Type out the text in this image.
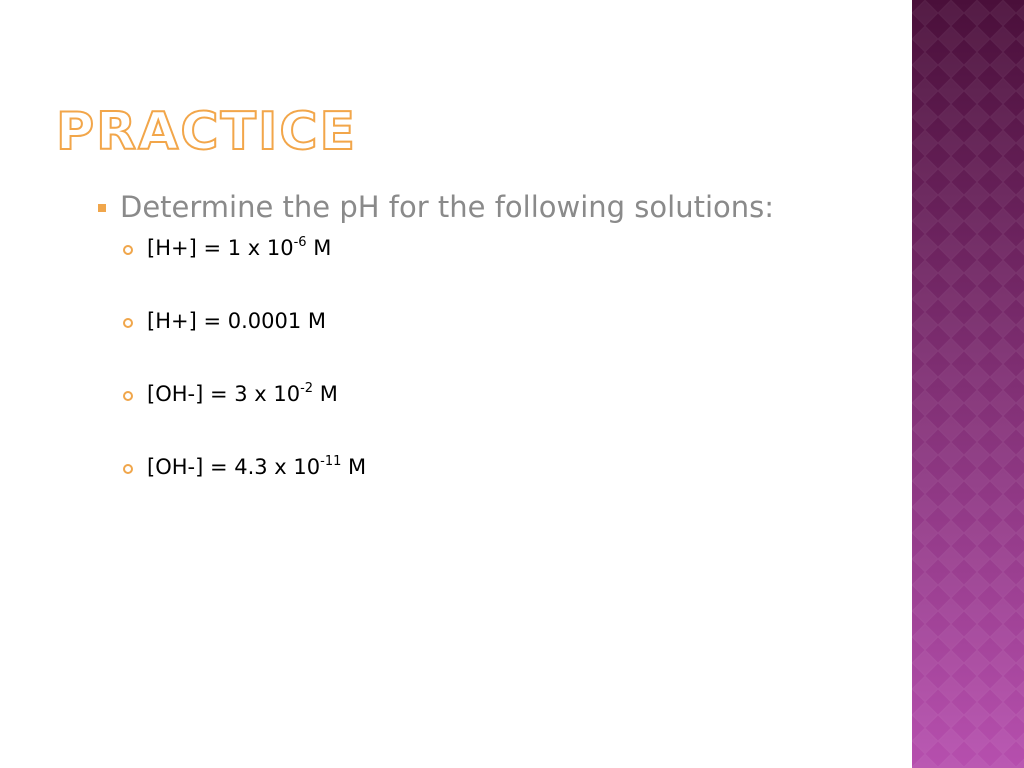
PRACTICE
Determine the pH for the following solutions:
[H+] = 1 x $10^{-6}$ M
[H+] = 0.0001 M
[OH-] = 3 x $10^{-2}$ M
[OH-] = 4.3 x $10^{-11}$ M
